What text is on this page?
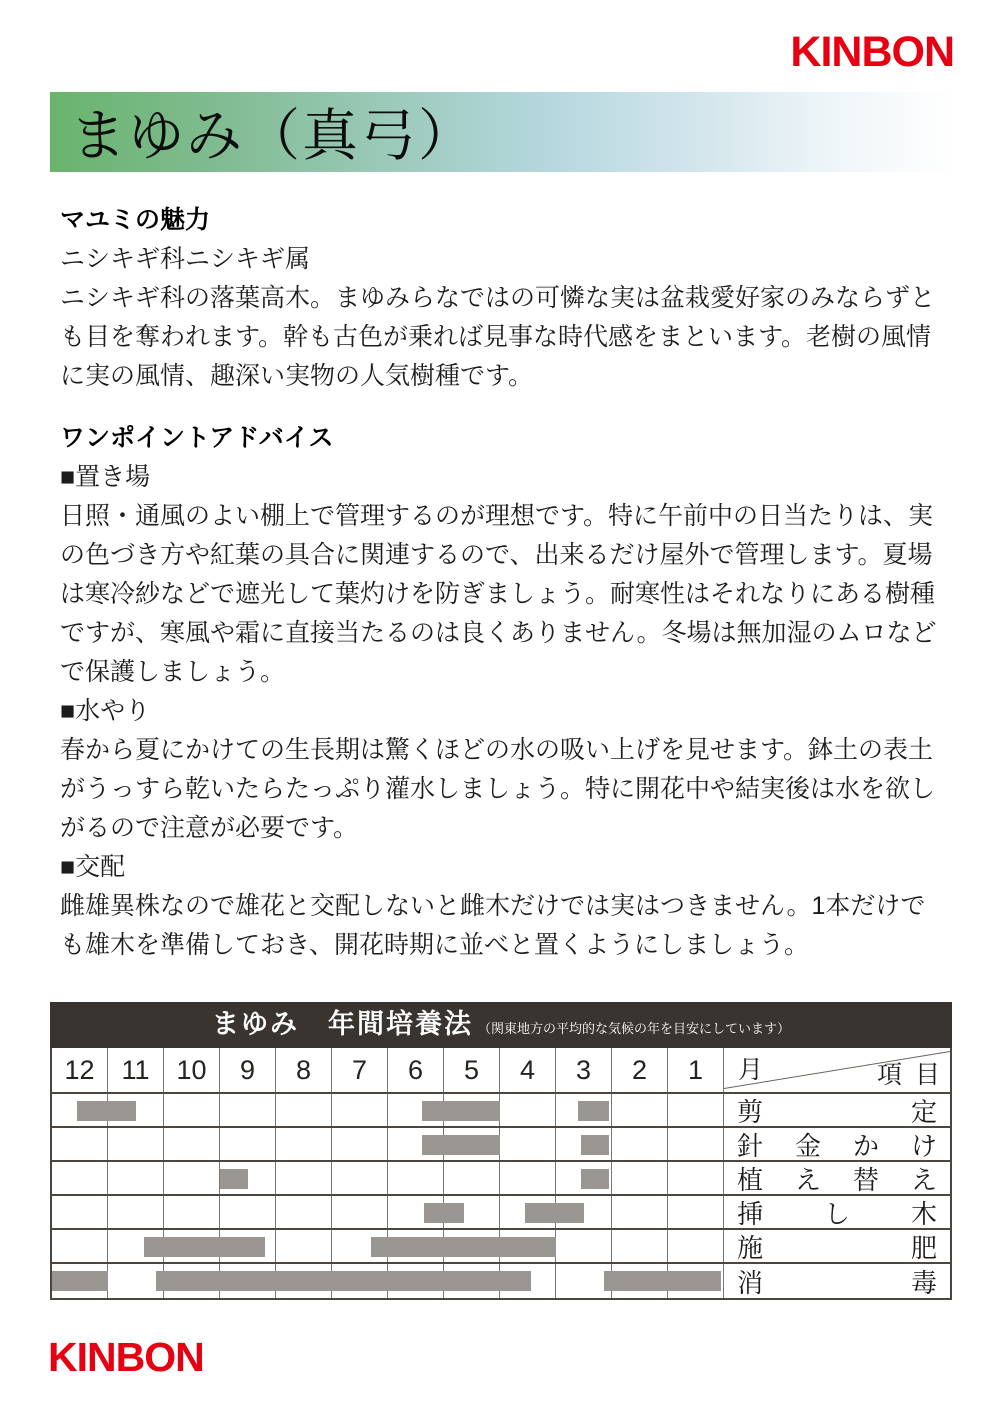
KINBON
まゆみ（真弓）
マユミの魅力
ニシキギ科ニシキギ属
ニシキギ科の落葉高木。まゆみらなではの可憐な実は盆栽愛好家のみならずとも目を奪われます。幹も古色が乗れば見事な時代感をまといます。老樹の風情に実の風情、趣深い実物の人気樹種です。
ワンポイントアドバイス
■置き場
日照・通風のよい棚上で管理するのが理想です。特に午前中の日当たりは、実の色づき方や紅葉の具合に関連するので、出来るだけ屋外で管理します。夏場は寒冷紗などで遮光して葉灼けを防ぎましょう。耐寒性はそれなりにある樹種ですが、寒風や霜に直接当たるのは良くありません。冬場は無加湿のムロなどで保護しましょう。
■水やり
春から夏にかけての生長期は驚くほどの水の吸い上げを見せます。鉢土の表土がうっすら乾いたらたっぷり灌水しましょう。特に開花中や結実後は水を欲しがるので注意が必要です。
■交配
雌雄異株なので雄花と交配しないと雌木だけでは実はつきません。1本だけでも雄木を準備しておき、開花時期に並べと置くようにしましょう。
まゆみ　年間培養法 （関東地方の平均的な気候の年を目安にしています）
12 11 10	9	8	7	6	5	4	3	2	1	月	項目
剪	定
針 金 か け
植 え 替 え
挿 し 木
施	肥
消	毒
KINBON
